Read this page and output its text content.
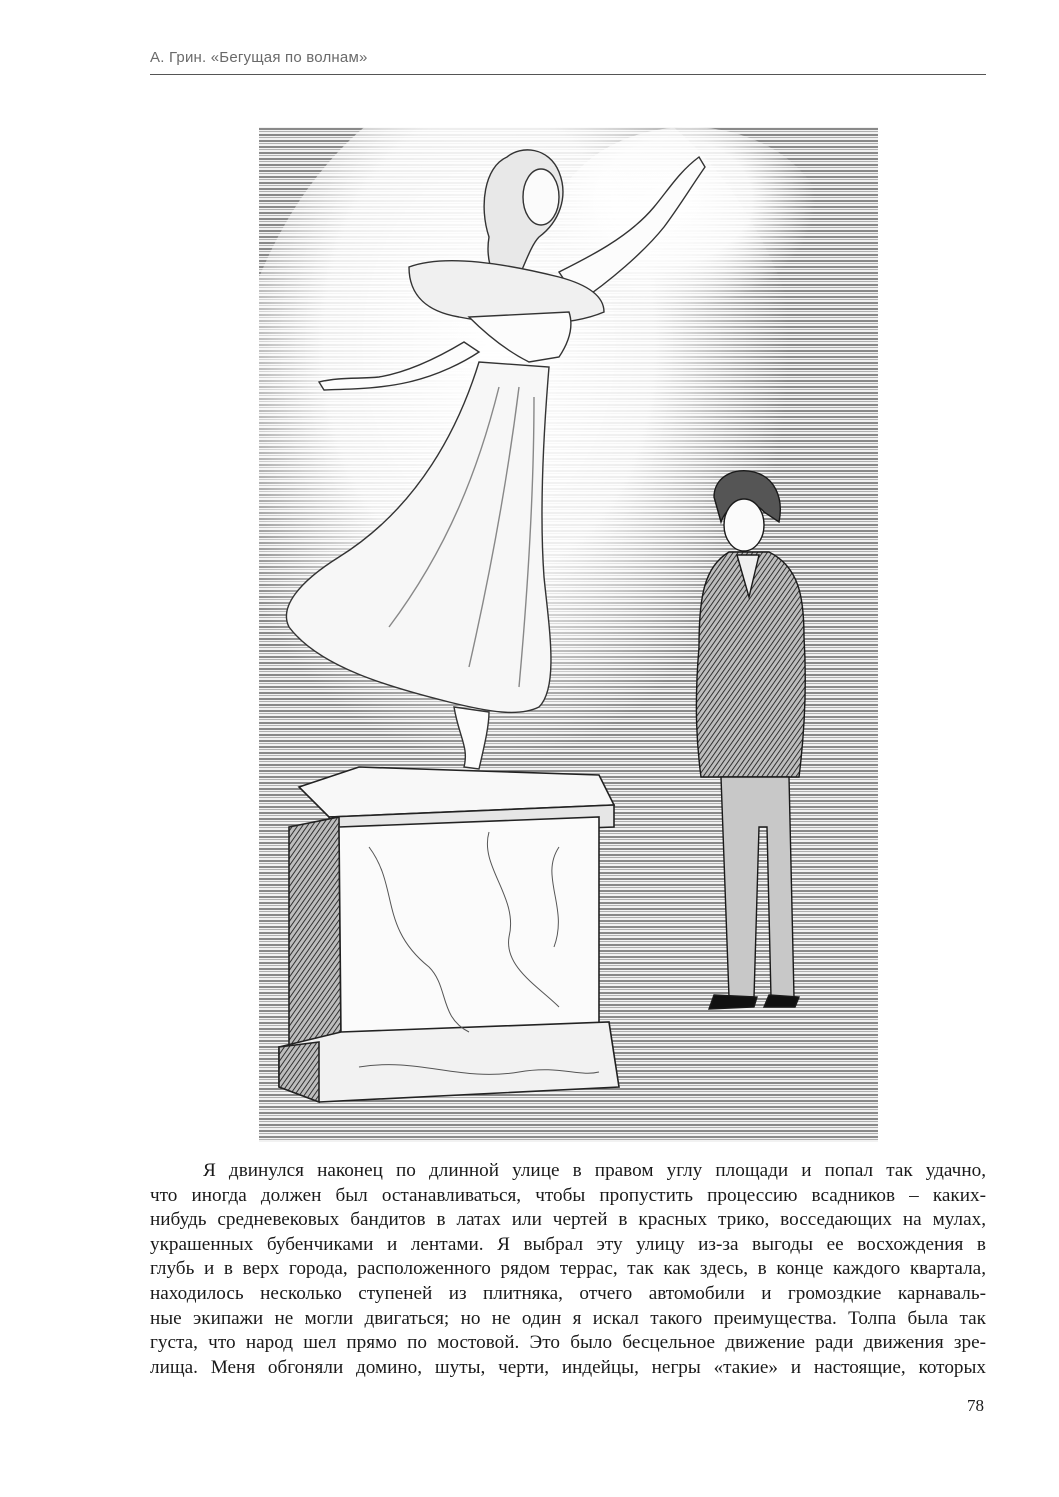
А. Грин. «Бегущая по волнам»
Я двинулся наконец по длинной улице в правом углу площади и попал так удачно,
что иногда должен был останавливаться, чтобы пропустить процессию всадников – каких-
нибудь средневековых бандитов в латах или чертей в красных трико, восседающих на мулах,
украшенных бубенчиками и лентами. Я выбрал эту улицу из-за выгоды ее восхождения в
глубь и в верх города, расположенного рядом террас, так как здесь, в конце каждого квартала,
находилось несколько ступеней из плитняка, отчего автомобили и громоздкие карнаваль-
ные экипажи не могли двигаться; но не один я искал такого преимущества. Толпа была так
густа, что народ шел прямо по мостовой. Это было бесцельное движение ради движения зре-
лища. Меня обгоняли домино, шуты, черти, индейцы, негры «такие» и настоящие, которых
78
